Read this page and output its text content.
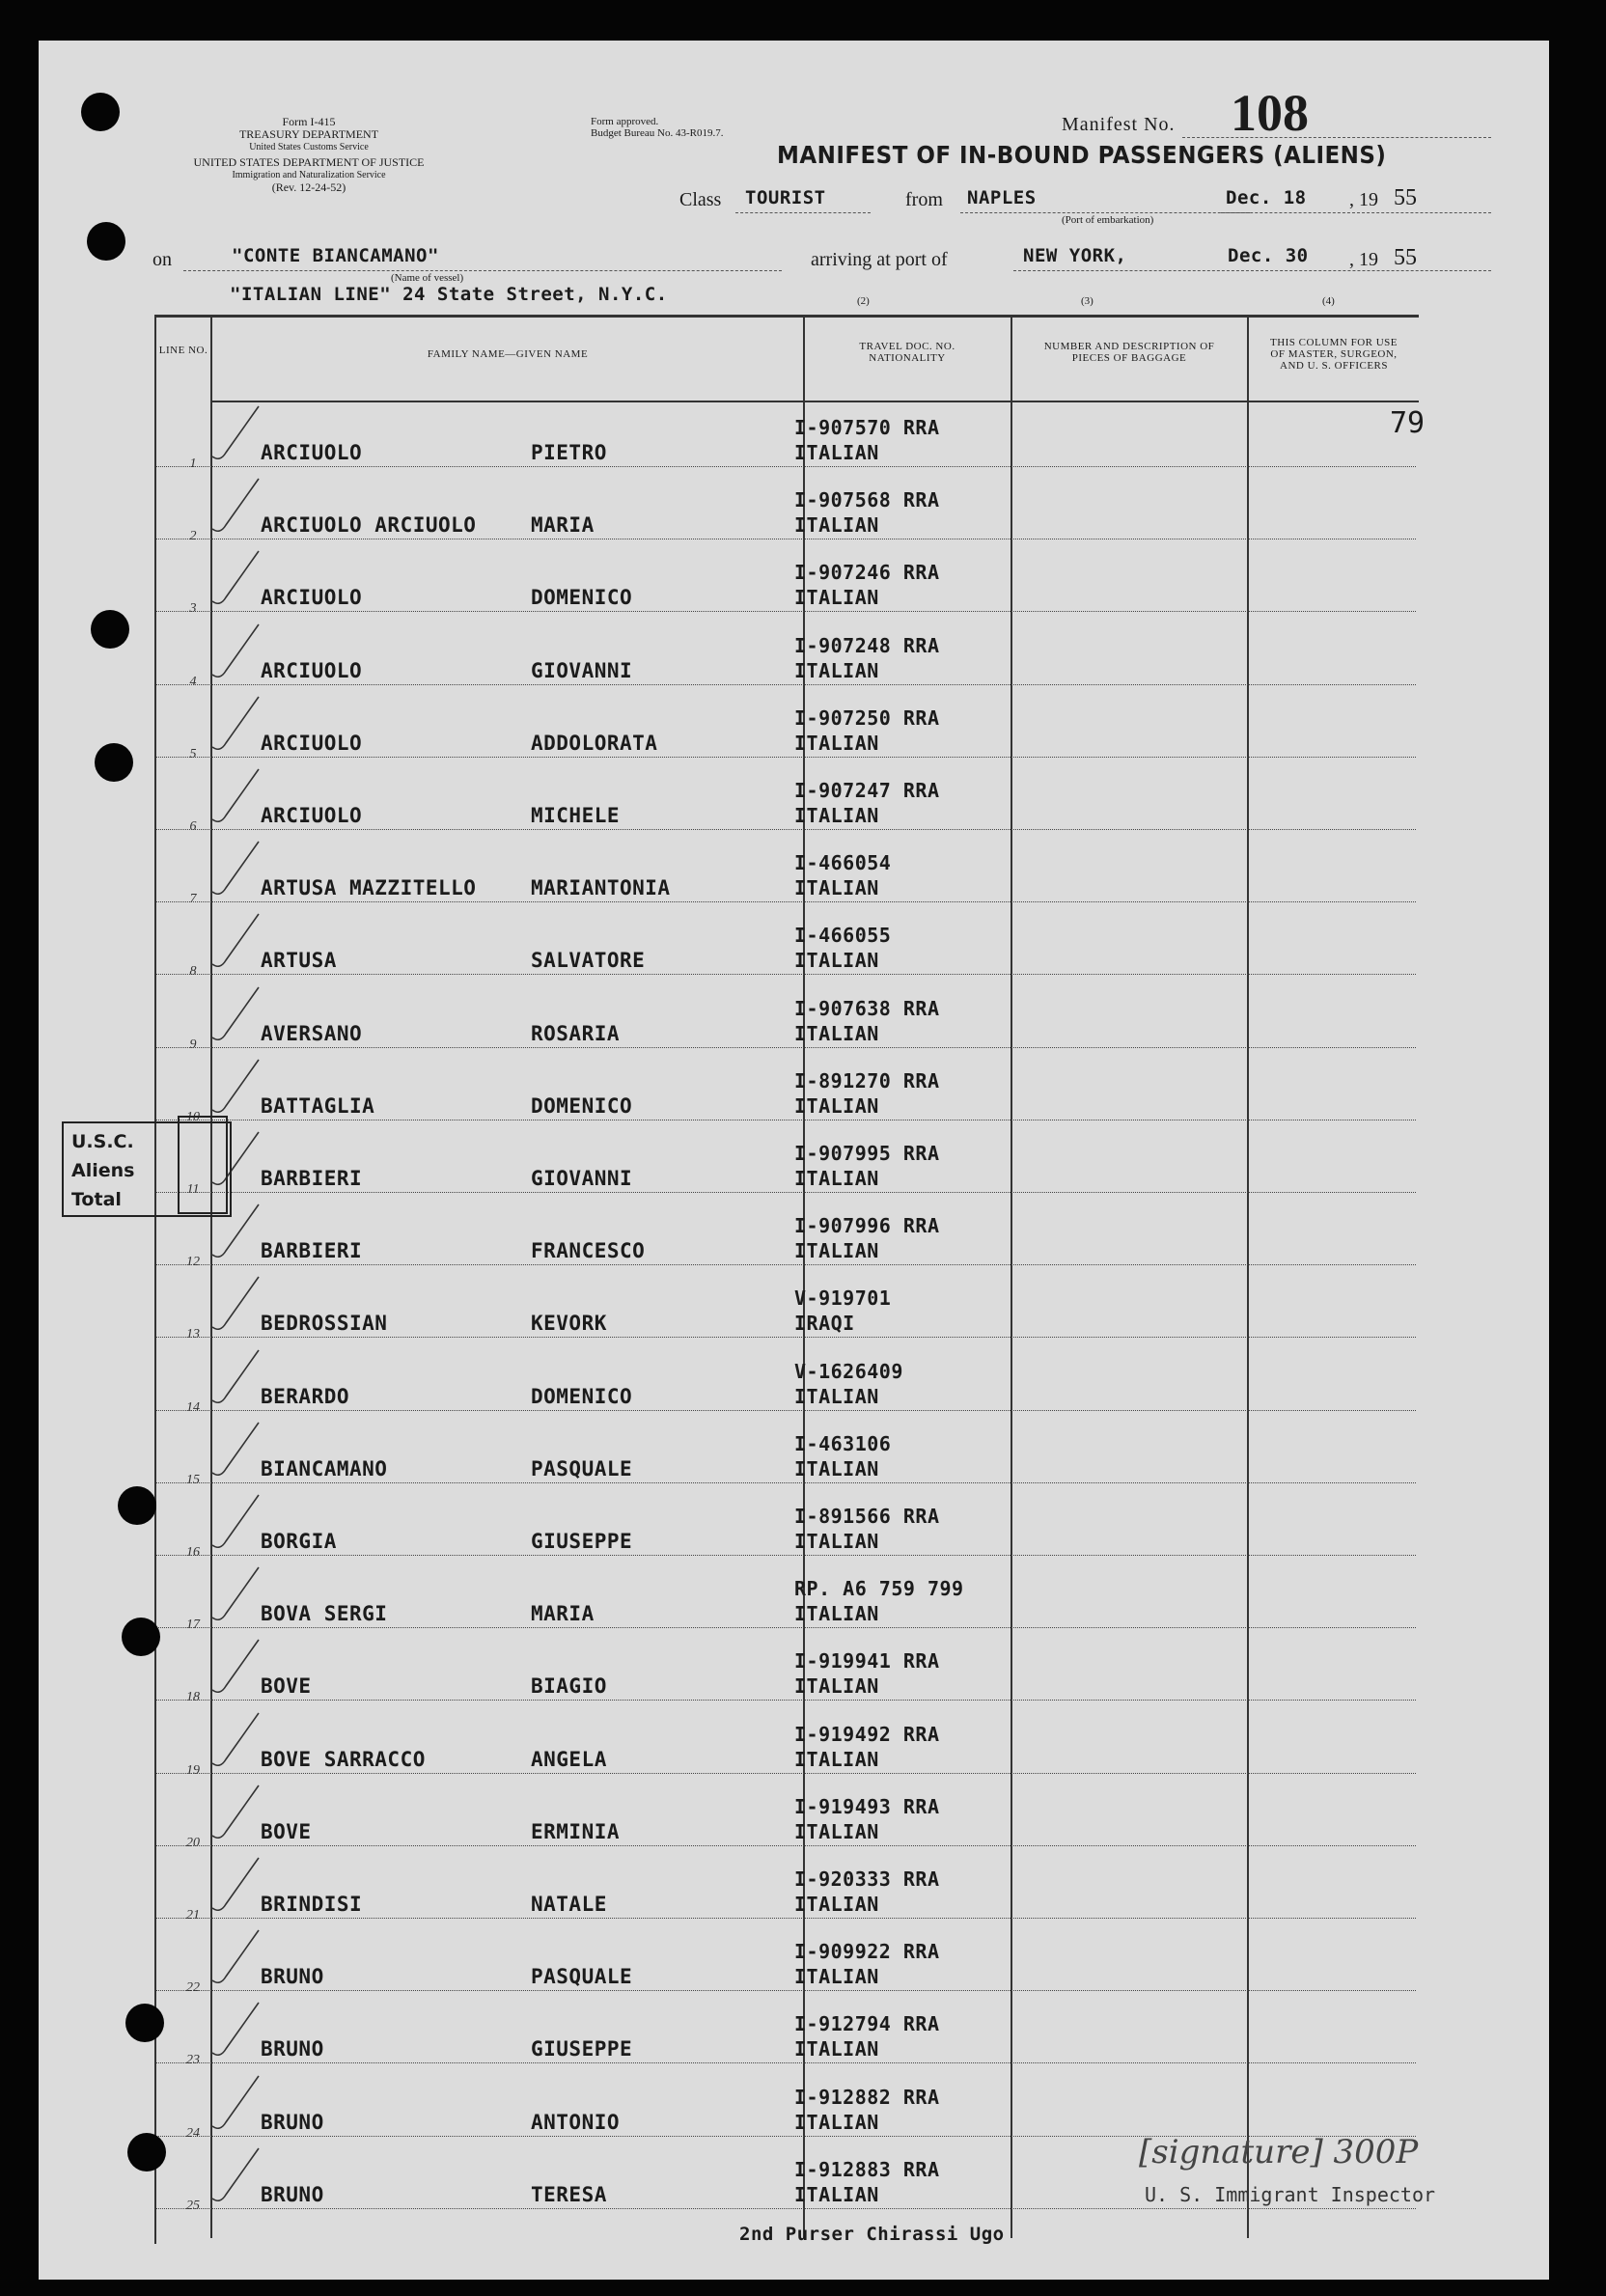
Form I-415
TREASURY DEPARTMENT
United States Customs Service
UNITED STATES DEPARTMENT OF JUSTICE
Immigration and Naturalization Service
(Rev. 12-24-52)
Form approved.
Budget Bureau No. 43-R019.7.	Manifest No. 108
MANIFEST OF IN-BOUND PASSENGERS (ALIENS)
Class TOURIST	from NAPLES
(Port of embarkation)
Dec. 18 , 19 55
on	"CONTE BIANCAMANO"
(Name of vessel)
arriving at port of	NEW YORK,	Dec. 30 , 19 55
"ITALIAN LINE" 24 State Street, N.Y.C.	(2)	(3)	(4)
LINE NO.	FAMILY NAME—GIVEN NAME
TRAVEL DOC. NO.
NATIONALITY
NUMBER AND DESCRIPTION OF
PIECES OF BAGGAGE
THIS COLUMN FOR USE
OF MASTER, SURGEON,
AND U. S. OFFICERS
79
1	ARCIUOLO	PIETRO
I-907570 RRA
ITALIAN
2	ARCIUOLO ARCIUOLO	MARIA
I-907568 RRA
ITALIAN
3	ARCIUOLO	DOMENICO
I-907246 RRA
ITALIAN
4	ARCIUOLO	GIOVANNI
I-907248 RRA
ITALIAN
5	ARCIUOLO	ADDOLORATA
I-907250 RRA
ITALIAN
6	ARCIUOLO	MICHELE
I-907247 RRA
ITALIAN
7	ARTUSA MAZZITELLO	MARIANTONIA
I-466054
ITALIAN
8	ARTUSA	SALVATORE
I-466055
ITALIAN
9	AVERSANO	ROSARIA
I-907638 RRA
ITALIAN
10	BATTAGLIA	DOMENICO
I-891270 RRA
ITALIAN
11	BARBIERI	GIOVANNI
I-907995 RRA
ITALIAN
12	BARBIERI	FRANCESCO
I-907996 RRA
ITALIAN
13	BEDROSSIAN	KEVORK
V-919701
IRAQI
14	BERARDO	DOMENICO
V-1626409
ITALIAN
15	BIANCAMANO	PASQUALE
I-463106
ITALIAN
16	BORGIA	GIUSEPPE
I-891566 RRA
ITALIAN
17	BOVA SERGI	MARIA
RP. A6 759 799
ITALIAN
18	BOVE	BIAGIO
I-919941 RRA
ITALIAN
19	BOVE SARRACCO	ANGELA
I-919492 RRA
ITALIAN
20	BOVE	ERMINIA
I-919493 RRA
ITALIAN
21	BRINDISI	NATALE
I-920333 RRA
ITALIAN
22	BRUNO	PASQUALE
I-909922 RRA
ITALIAN
23	BRUNO	GIUSEPPE
I-912794 RRA
ITALIAN
24	BRUNO	ANTONIO
I-912882 RRA
ITALIAN
25	BRUNO	TERESA
I-912883 RRA
ITALIAN
U.S.C.
Aliens
Total
[signature] 300P
U. S. Immigrant Inspector
2nd Purser Chirassi Ugo
